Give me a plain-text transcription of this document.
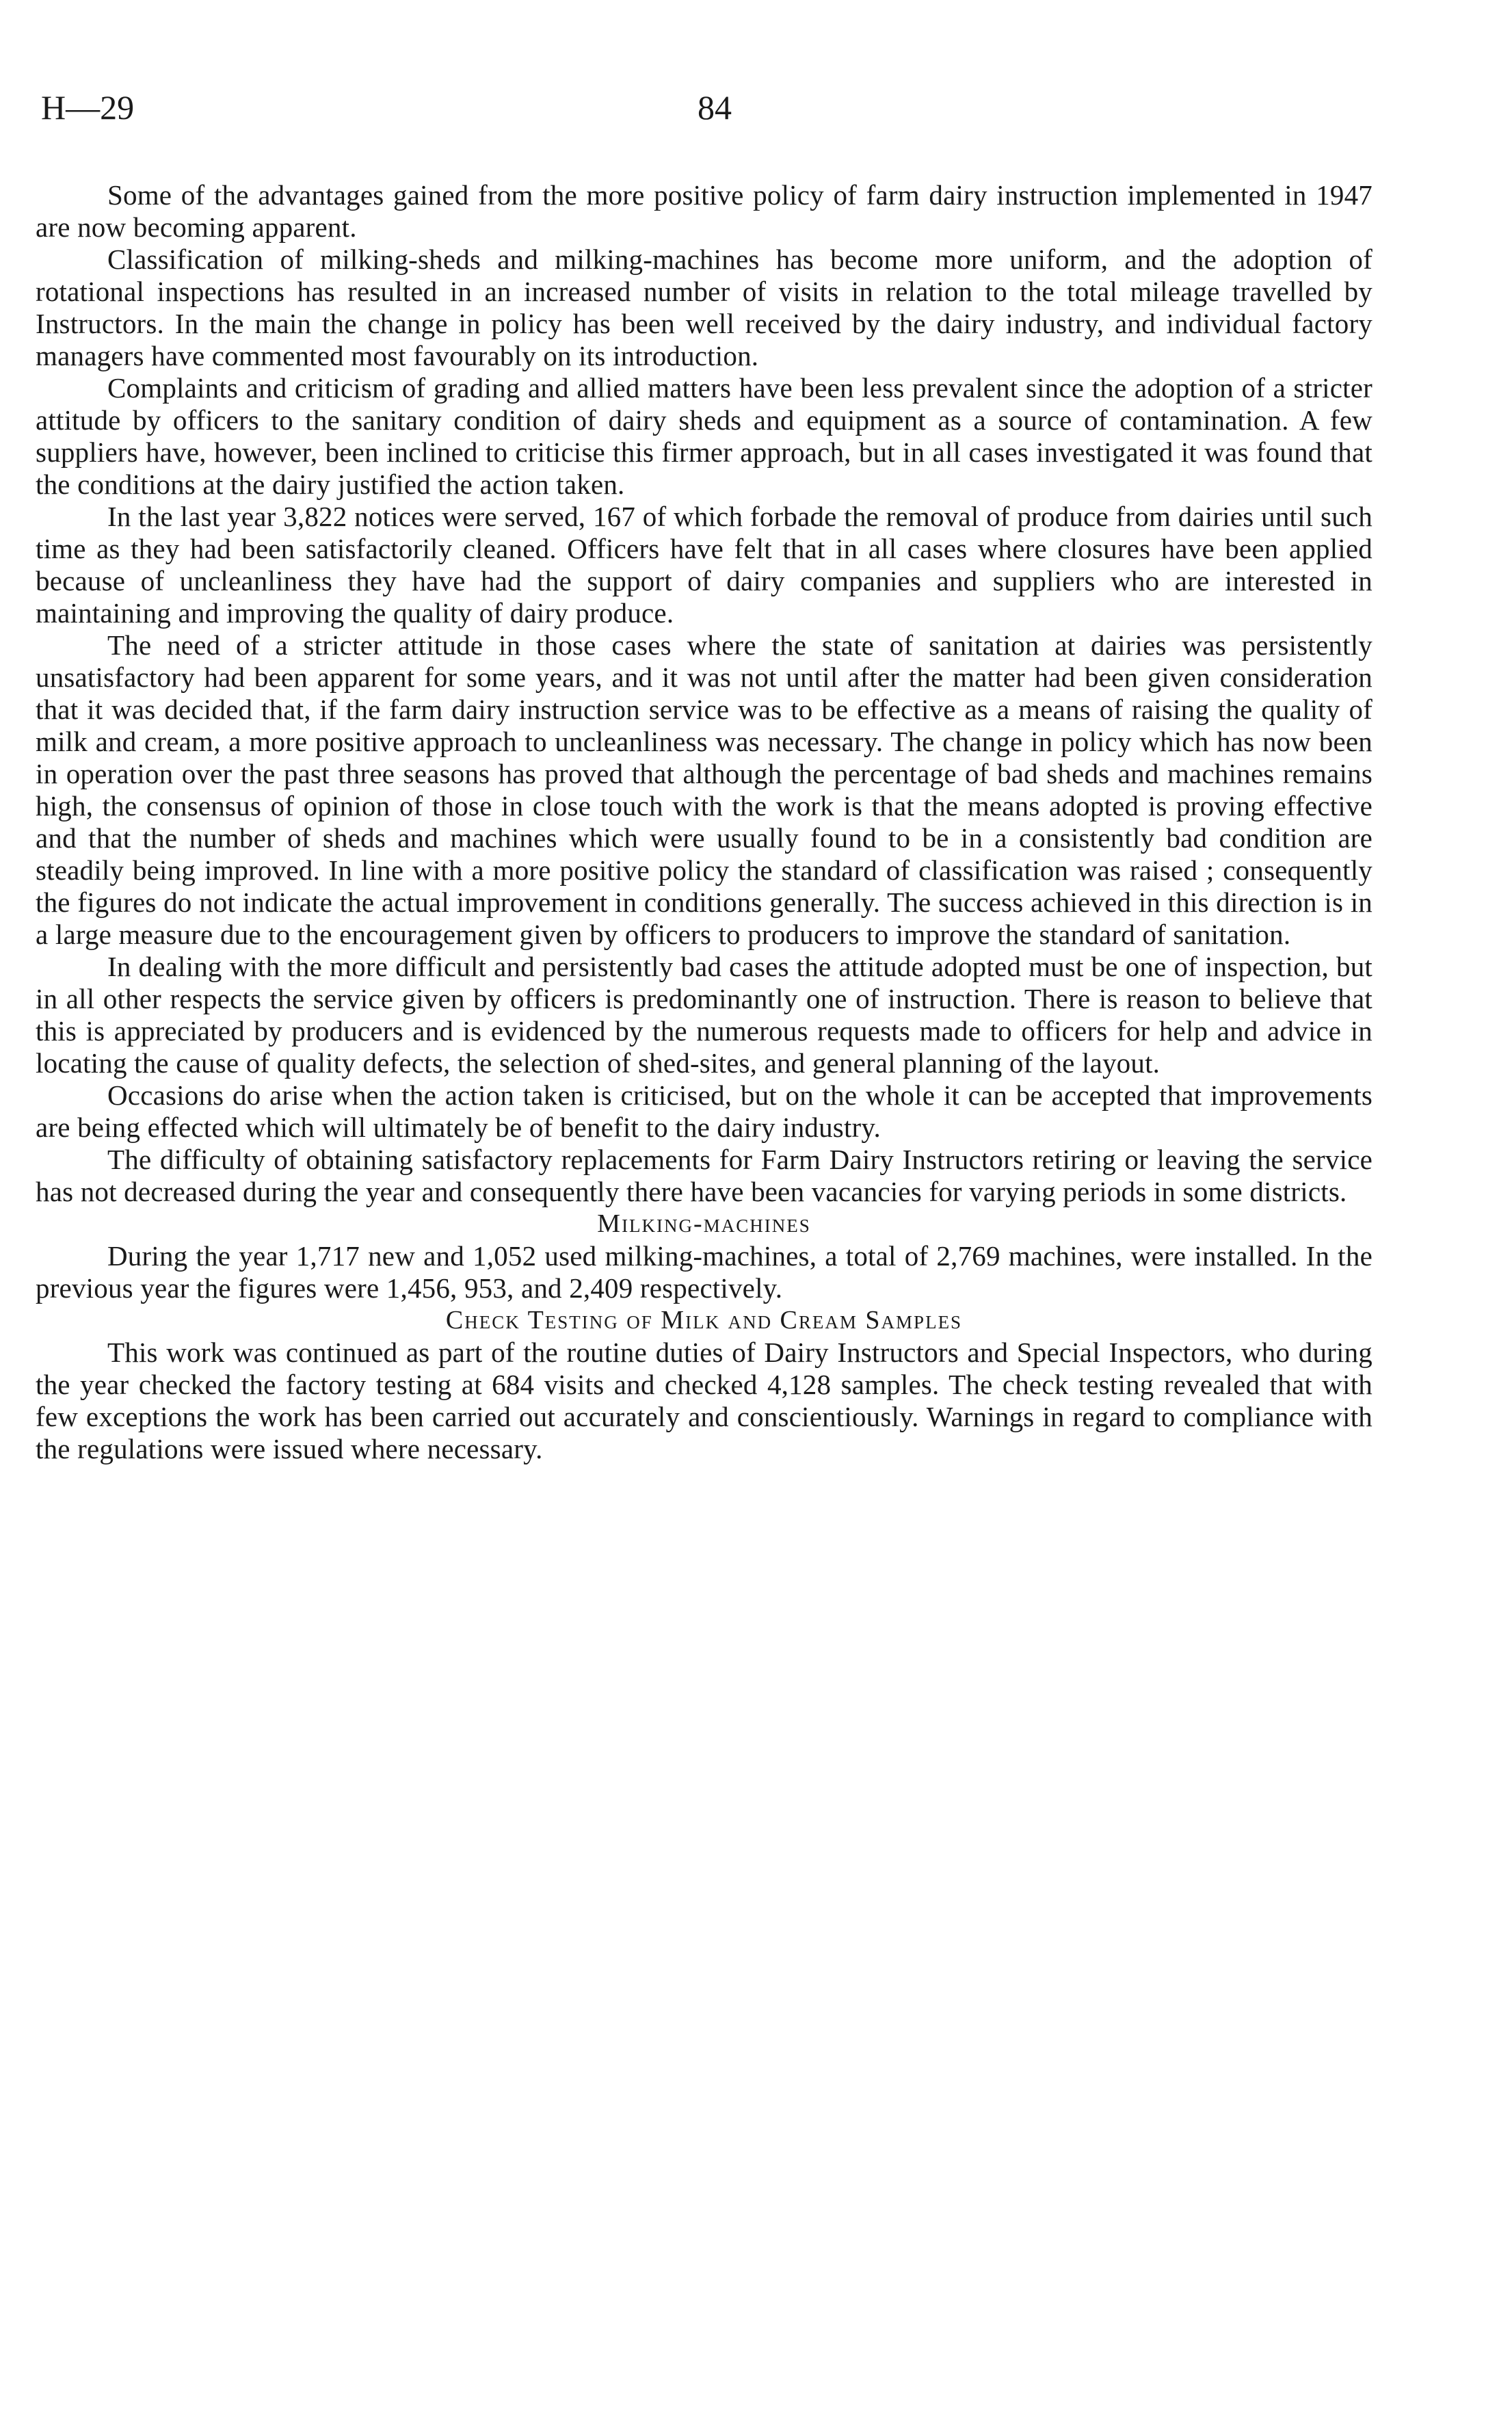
H—29	84

Some of the advantages gained from the more positive policy of farm dairy instruction implemented in 1947 are now becoming apparent.

Classification of milking-sheds and milking-machines has become more uniform, and the adoption of rotational inspections has resulted in an increased number of visits in relation to the total mileage travelled by Instructors. In the main the change in policy has been well received by the dairy industry, and individual factory managers have commented most favourably on its introduction.

Complaints and criticism of grading and allied matters have been less prevalent since the adoption of a stricter attitude by officers to the sanitary condition of dairy sheds and equipment as a source of contamination. A few suppliers have, however, been inclined to criticise this firmer approach, but in all cases investigated it was found that the conditions at the dairy justified the action taken.

In the last year 3,822 notices were served, 167 of which forbade the removal of produce from dairies until such time as they had been satisfactorily cleaned. Officers have felt that in all cases where closures have been applied because of uncleanliness they have had the support of dairy companies and suppliers who are interested in maintaining and improving the quality of dairy produce.

The need of a stricter attitude in those cases where the state of sanitation at dairies was persistently unsatisfactory had been apparent for some years, and it was not until after the matter had been given consideration that it was decided that, if the farm dairy instruction service was to be effective as a means of raising the quality of milk and cream, a more positive approach to uncleanliness was necessary. The change in policy which has now been in operation over the past three seasons has proved that although the percentage of bad sheds and machines remains high, the consensus of opinion of those in close touch with the work is that the means adopted is proving effective and that the number of sheds and machines which were usually found to be in a consistently bad condition are steadily being improved. In line with a more positive policy the standard of classification was raised ; consequently the figures do not indicate the actual improvement in conditions generally. The success achieved in this direction is in a large measure due to the encouragement given by officers to producers to improve the standard of sanitation.

In dealing with the more difficult and persistently bad cases the attitude adopted must be one of inspection, but in all other respects the service given by officers is predominantly one of instruction. There is reason to believe that this is appreciated by producers and is evidenced by the numerous requests made to officers for help and advice in locating the cause of quality defects, the selection of shed-sites, and general planning of the layout.

Occasions do arise when the action taken is criticised, but on the whole it can be accepted that improvements are being effected which will ultimately be of benefit to the dairy industry.

The difficulty of obtaining satisfactory replacements for Farm Dairy Instructors retiring or leaving the service has not decreased during the year and consequently there have been vacancies for varying periods in some districts.

Milking-machines

During the year 1,717 new and 1,052 used milking-machines, a total of 2,769 machines, were installed. In the previous year the figures were 1,456, 953, and 2,409 respectively.

Check Testing of Milk and Cream Samples

This work was continued as part of the routine duties of Dairy Instructors and Special Inspectors, who during the year checked the factory testing at 684 visits and checked 4,128 samples. The check testing revealed that with few exceptions the work has been carried out accurately and conscientiously. Warnings in regard to compliance with the regulations were issued where necessary.
